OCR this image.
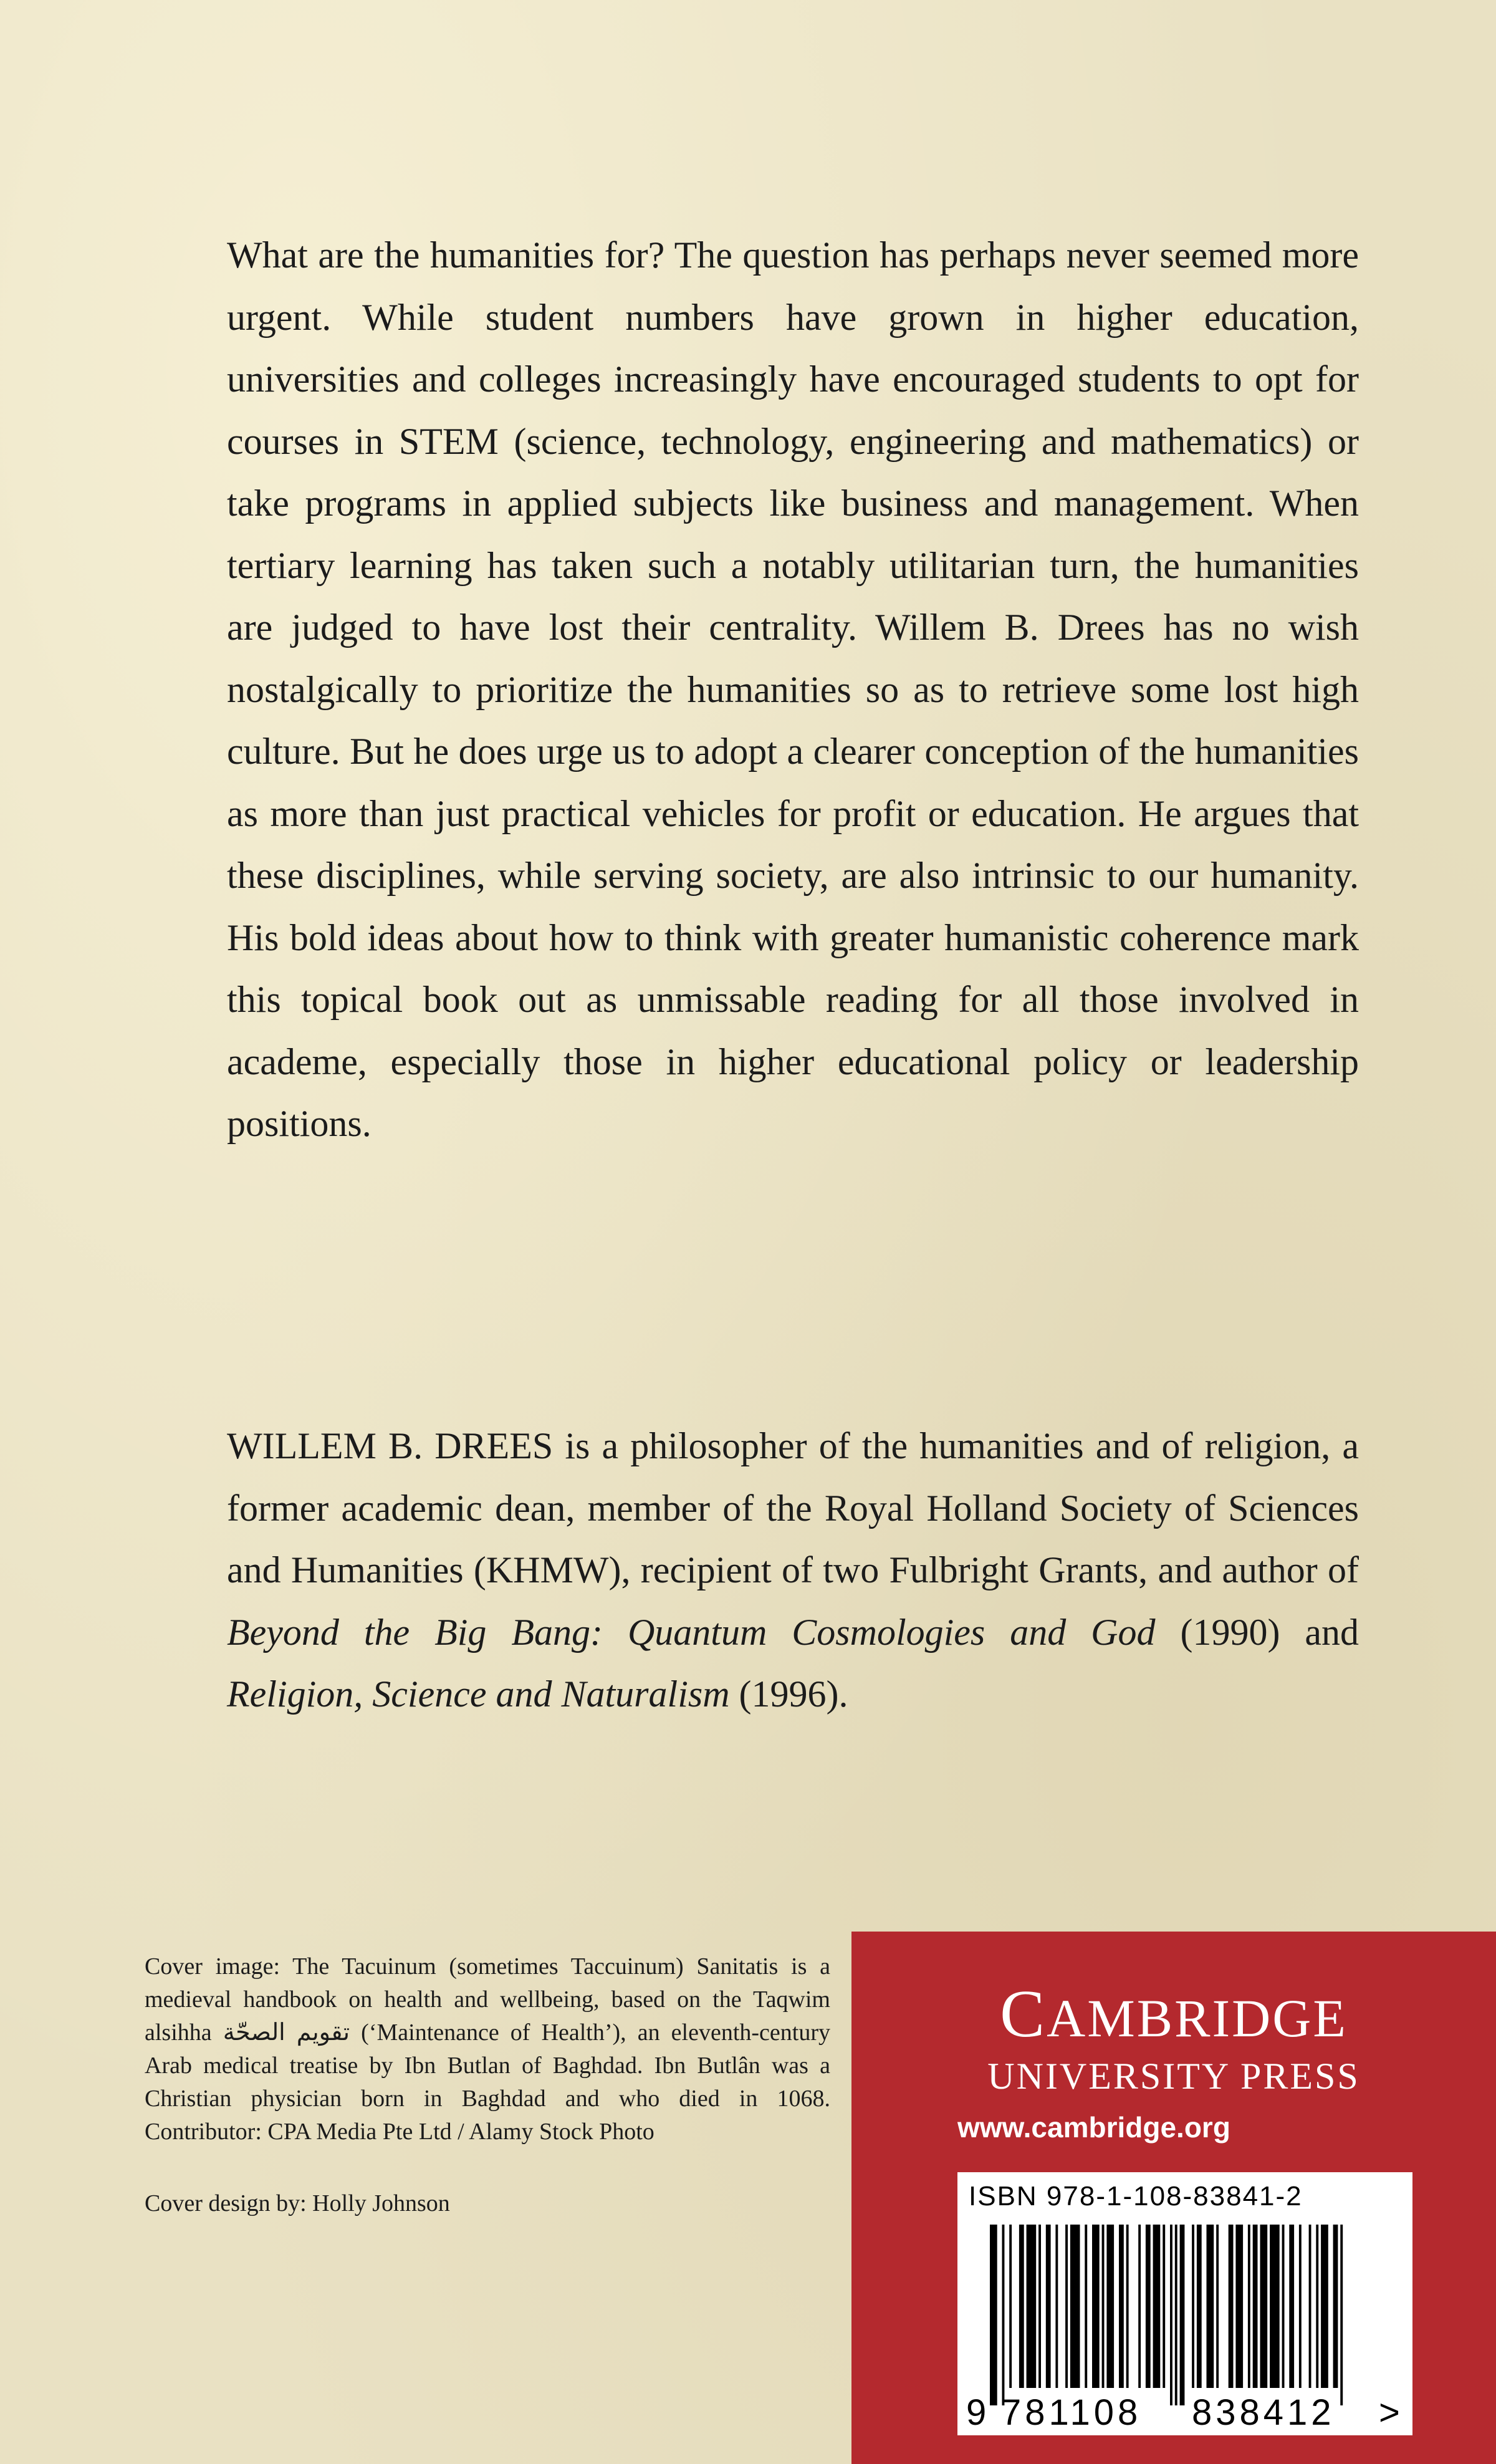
What are the humanities for? The question has perhaps never seemed more urgent. While student numbers have grown in higher education, universities and colleges increasingly have encouraged students to opt for courses in STEM (science, technology, engineering and mathematics) or take programs in applied subjects like business and management. When tertiary learning has taken such a notably utilitarian turn, the humanities are judged to have lost their centrality. Willem B. Drees has no wish nostalgically to prioritize the humanities so as to retrieve some lost high culture. But he does urge us to adopt a clearer conception of the humanities as more than just practical vehicles for profit or education. He argues that these disciplines, while serving society, are also intrinsic to our humanity. His bold ideas about how to think with greater humanistic coherence mark this topical book out as unmissable reading for all those involved in academe, especially those in higher educational policy or leadership positions.

WILLEM B. DREES is a philosopher of the humanities and of religion, a former academic dean, member of the Royal Holland Society of Sciences and Humanities (KHMW), recipient of two Fulbright Grants, and author of Beyond the Big Bang: Quantum Cosmologies and God (1990) and Religion, Science and Naturalism (1996).

Cover image: The Tacuinum (sometimes Taccuinum) Sanitatis is a medieval handbook on health and wellbeing, based on the Taqwim alsihha تقويم الصحّة (‘Maintenance of Health’), an eleventh-century Arab medical treatise by Ibn Butlan of Baghdad. Ibn Butlân was a Christian physician born in Baghdad and who died in 1068. Contributor: CPA Media Pte Ltd / Alamy Stock Photo

Cover design by: Holly Johnson

CAMBRIDGE
UNIVERSITY PRESS
www.cambridge.org
ISBN 978-1-108-83841-2
9 781108 838412 >
